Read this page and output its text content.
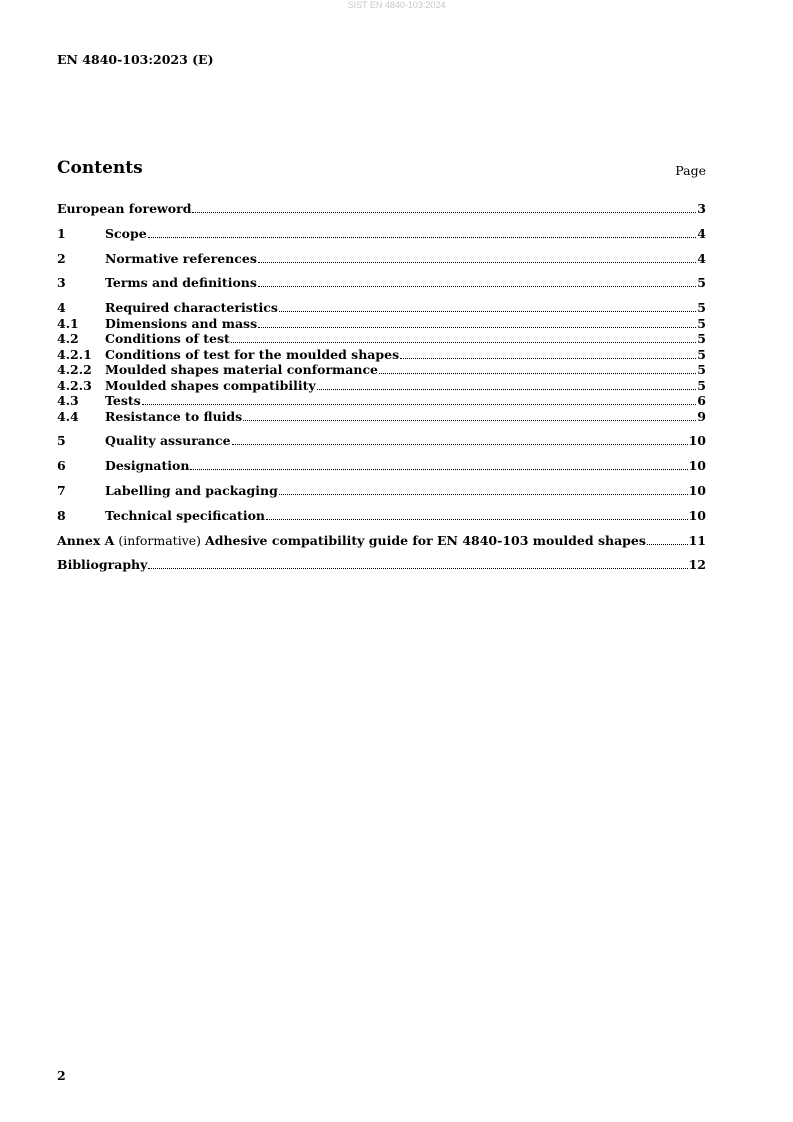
SIST EN 4840-103:2024
EN 4840-103:2023 (E)
Contents	Page
European foreword	3
1	Scope	4
2	Normative references	4
3	Terms and definitions	5
4	Required characteristics	5
4.1	Dimensions and mass	5
4.2	Conditions of test	5
4.2.1	Conditions of test for the moulded shapes	5
4.2.2	Moulded shapes material conformance	5
4.2.3	Moulded shapes compatibility	5
4.3	Tests	6
4.4	Resistance to fluids	9
5	Quality assurance	10
6	Designation	10
7	Labelling and packaging	10
8	Technical specification	10
Annex A (informative) Adhesive compatibility guide for EN 4840-103 moulded shapes	11
Bibliography	12
2
